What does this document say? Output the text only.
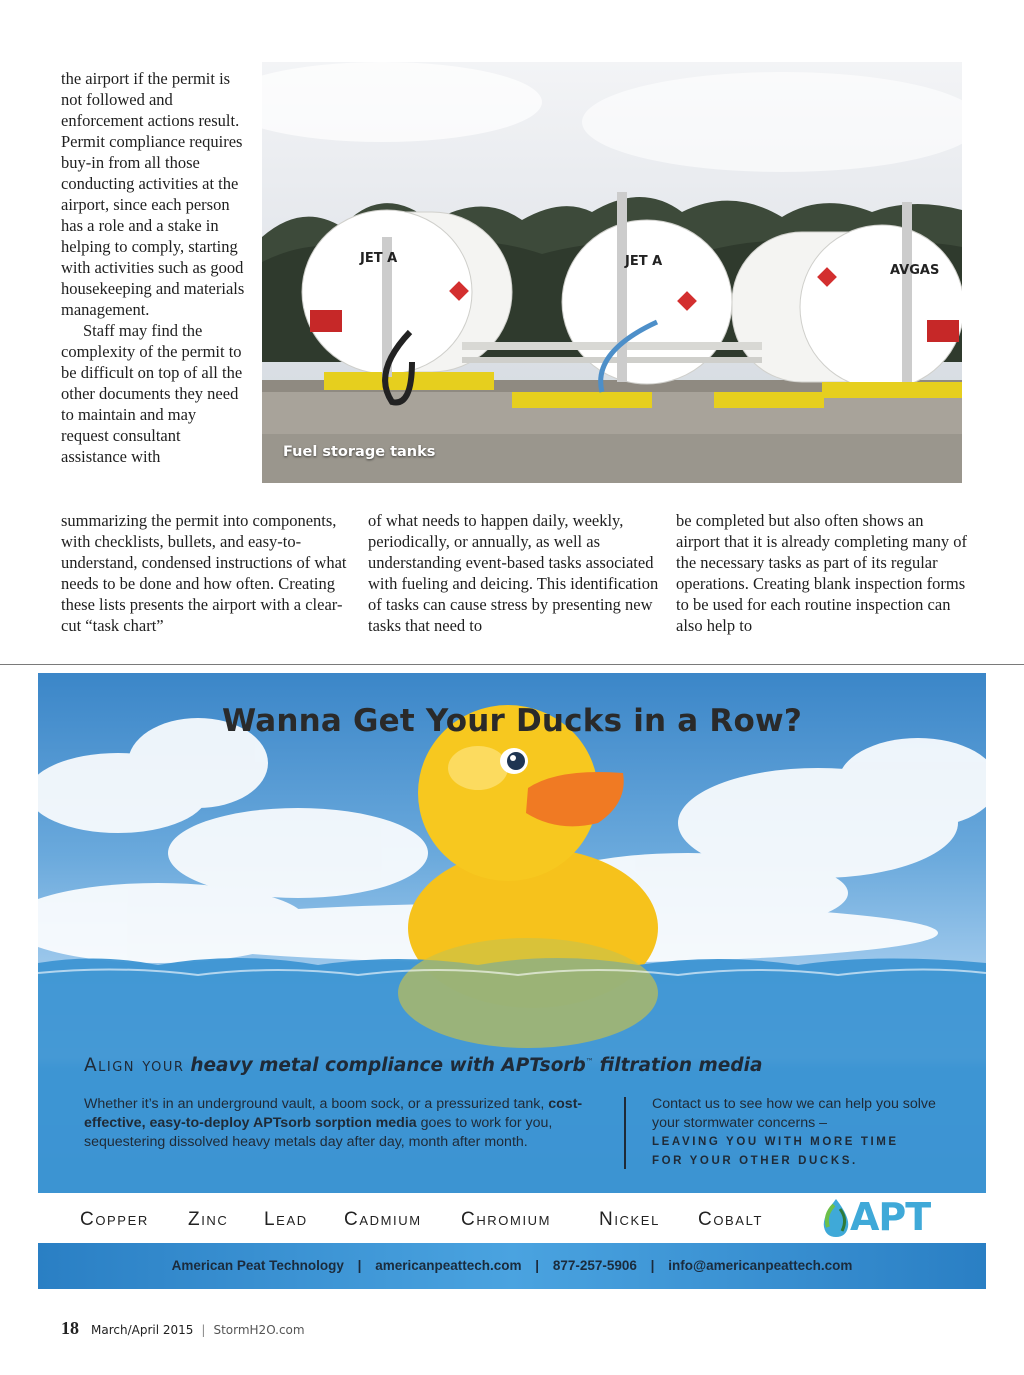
the airport if the permit is not followed and enforcement actions result. Permit compliance requires buy-in from all those conducting activities at the airport, since each person has a role and a stake in helping to comply, starting with activities such as good housekeeping and materials management.

Staff may find the complexity of the permit to be difficult on top of all the other documents they need to maintain and may request consultant assistance with

summarizing the permit into components, with checklists, bullets, and easy-to-understand, condensed instructions of what needs to be done and how often. Creating these lists presents the airport with a clear-cut “task chart”

of what needs to happen daily, weekly, periodically, or annually, as well as understanding event-based tasks associated with fueling and deicing. This identification of tasks can cause stress by presenting new tasks that need to

be completed but also often shows an airport that it is already completing many of the necessary tasks as part of its regular operations. Creating blank inspection forms to be used for each routine inspection can also help to

JET A	JET A
AVGAS
Fuel storage tanks
Wanna Get Your Ducks in a Row?
Align your heavy metal compliance with APTsorb™ filtration media
Whether it’s in an underground vault, a boom sock, or a pressurized tank, cost-effective, easy-to-deploy APTsorb sorption media goes to work for you, sequestering dissolved heavy metals day after day, month after month.
Contact us to see how we can help you solve your stormwater concerns –
LEAVING YOU WITH MORE TIME
FOR YOUR OTHER DUCKS.
Copper Zinc Lead Cadmium Chromium	Nickel Cobalt APT
American Peat Technology | americanpeattech.com | 877-257-5906 | info@americanpeattech.com
18 March/April 2015 | StormH2O.com
